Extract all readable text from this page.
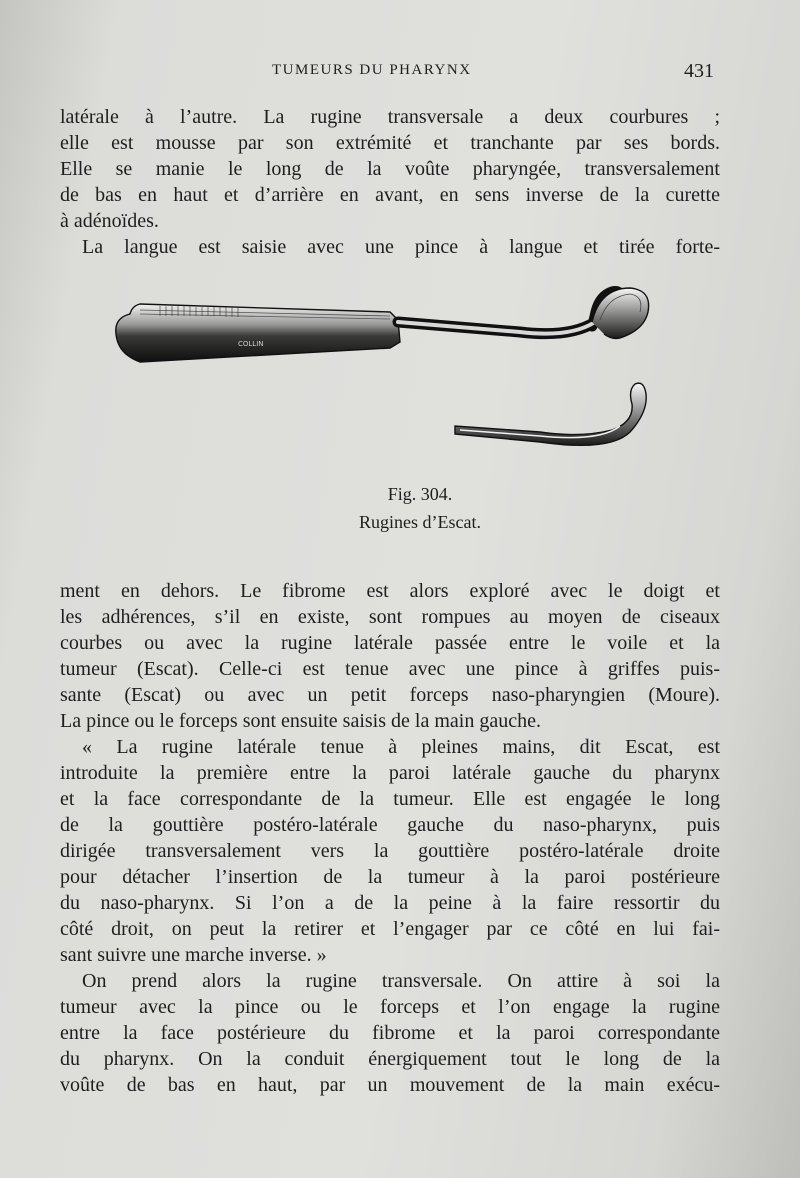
TUMEURS DU PHARYNX	431
latérale à l’autre. La rugine transversale a deux courbures ;
elle est mousse par son extrémité et tranchante par ses bords.
Elle se manie le long de la voûte pharyngée, transversalement
de bas en haut et d’arrière en avant, en sens inverse de la curette
à adénoïdes.
La langue est saisie avec une pince à langue et tirée forte-
COLLIN
Fig. 304.
Rugines d’Escat.
ment en dehors. Le fibrome est alors exploré avec le doigt et
les adhérences, s’il en existe, sont rompues au moyen de ciseaux
courbes ou avec la rugine latérale passée entre le voile et la
tumeur (Escat). Celle-ci est tenue avec une pince à griffes puis-
sante (Escat) ou avec un petit forceps naso-pharyngien (Moure).
La pince ou le forceps sont ensuite saisis de la main gauche.
« La rugine latérale tenue à pleines mains, dit Escat, est
introduite la première entre la paroi latérale gauche du pharynx
et la face correspondante de la tumeur. Elle est engagée le long
de la gouttière postéro-latérale gauche du naso-pharynx, puis
dirigée transversalement vers la gouttière postéro-latérale droite
pour détacher l’insertion de la tumeur à la paroi postérieure
du naso-pharynx. Si l’on a de la peine à la faire ressortir du
côté droit, on peut la retirer et l’engager par ce côté en lui fai-
sant suivre une marche inverse. »
On prend alors la rugine transversale. On attire à soi la
tumeur avec la pince ou le forceps et l’on engage la rugine
entre la face postérieure du fibrome et la paroi correspondante
du pharynx. On la conduit énergiquement tout le long de la
voûte de bas en haut, par un mouvement de la main exécu-
